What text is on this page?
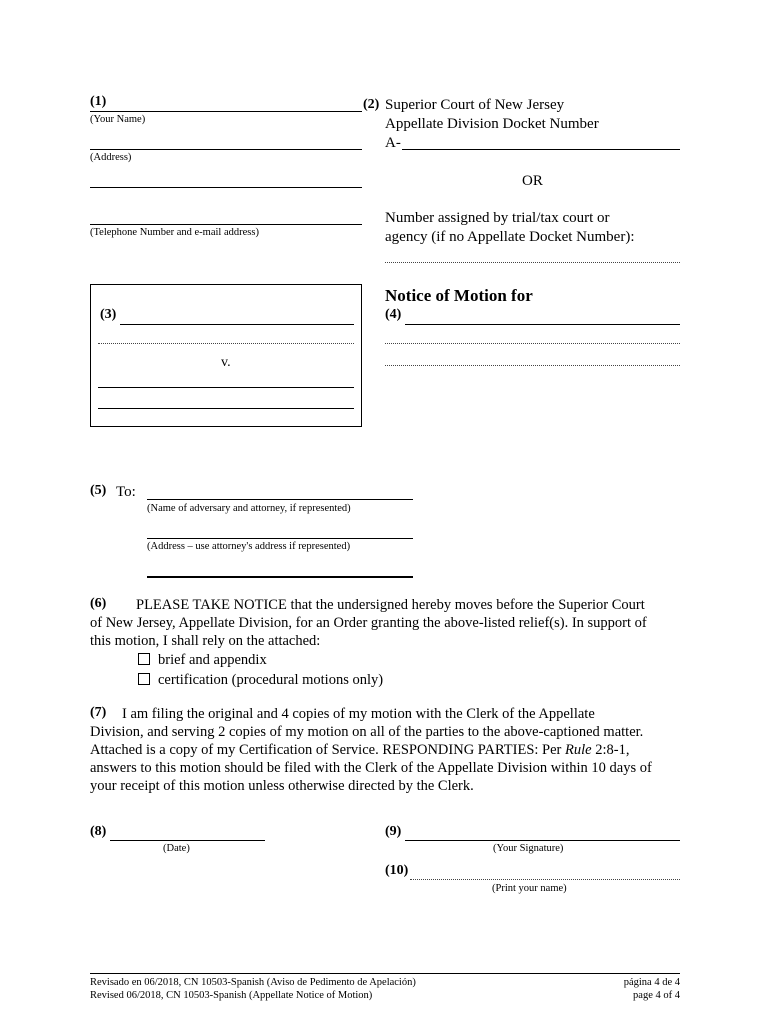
(1)
(Your Name)
(Address)
(Telephone Number and e-mail address)
(2) Superior Court of New Jersey
Appellate Division Docket Number
A-
OR
Number assigned by trial/tax court or
agency (if no Appellate Docket Number):
(3)
v.
Notice of Motion for
(4)
(5) To:
(Name of adversary and attorney, if represented)
(Address – use attorney's address if represented)
(6) PLEASE TAKE NOTICE that the undersigned hereby moves before the Superior Court
of New Jersey, Appellate Division, for an Order granting the above-listed relief(s). In support of
this motion, I shall rely on the attached:
brief and appendix
certification (procedural motions only)
(7) I am filing the original and 4 copies of my motion with the Clerk of the Appellate
Division, and serving 2 copies of my motion on all of the parties to the above-captioned matter.
Attached is a copy of my Certification of Service. RESPONDING PARTIES: Per Rule 2:8-1,
answers to this motion should be filed with the Clerk of the Appellate Division within 10 days of
your receipt of this motion unless otherwise directed by the Clerk.
(8)
(Date)
(9)
(Your Signature)
(10)
(Print your name)
Revisado en 06/2018, CN 10503-Spanish (Aviso de Pedimento de Apelación)
Revised 06/2018, CN 10503-Spanish (Appellate Notice of Motion)
página 4 de 4
page 4 of 4
